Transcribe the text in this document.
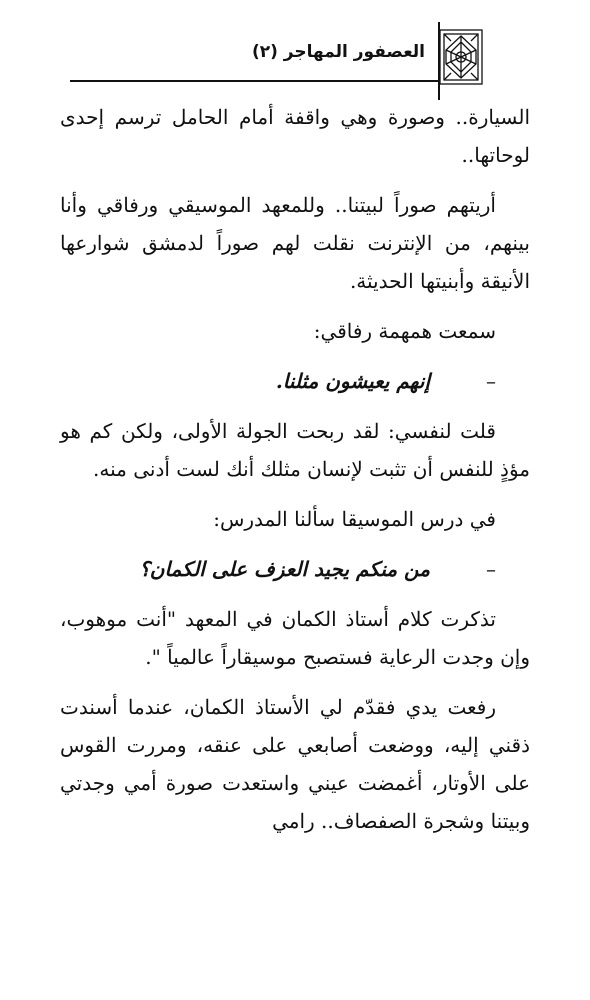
العصفور المهاجر (٢)

السيارة.. وصورة وهي واقفة أمام الحامل ترسم إحدى لوحاتها..

أريتهم صوراً لبيتنا.. وللمعهد الموسيقي ورفاقي وأنا بينهم، من الإنترنت نقلت لهم صوراً لدمشق شوارعها الأنيقة وأبنيتها الحديثة.

سمعت همهمة رفاقي:

–إنهم يعيشون مثلنا.

قلت لنفسي: لقد ربحت الجولة الأولى، ولكن كم هو مؤذٍ للنفس أن تثبت لإنسان مثلك أنك لست أدنى منه.

في درس الموسيقا سألنا المدرس:

–من منكم يجيد العزف على الكمان؟

تذكرت كلام أستاذ الكمان في المعهد "أنت موهوب، وإن وجدت الرعاية فستصبح موسيقاراً عالمياً ".

رفعت يدي فقدّم لي الأستاذ الكمان، عندما أسندت ذقني إليه، ووضعت أصابعي على عنقه، ومررت القوس على الأوتار، أغمضت عيني واستعدت صورة أمي وجدتي وبيتنا وشجرة الصفصاف.. رامي
